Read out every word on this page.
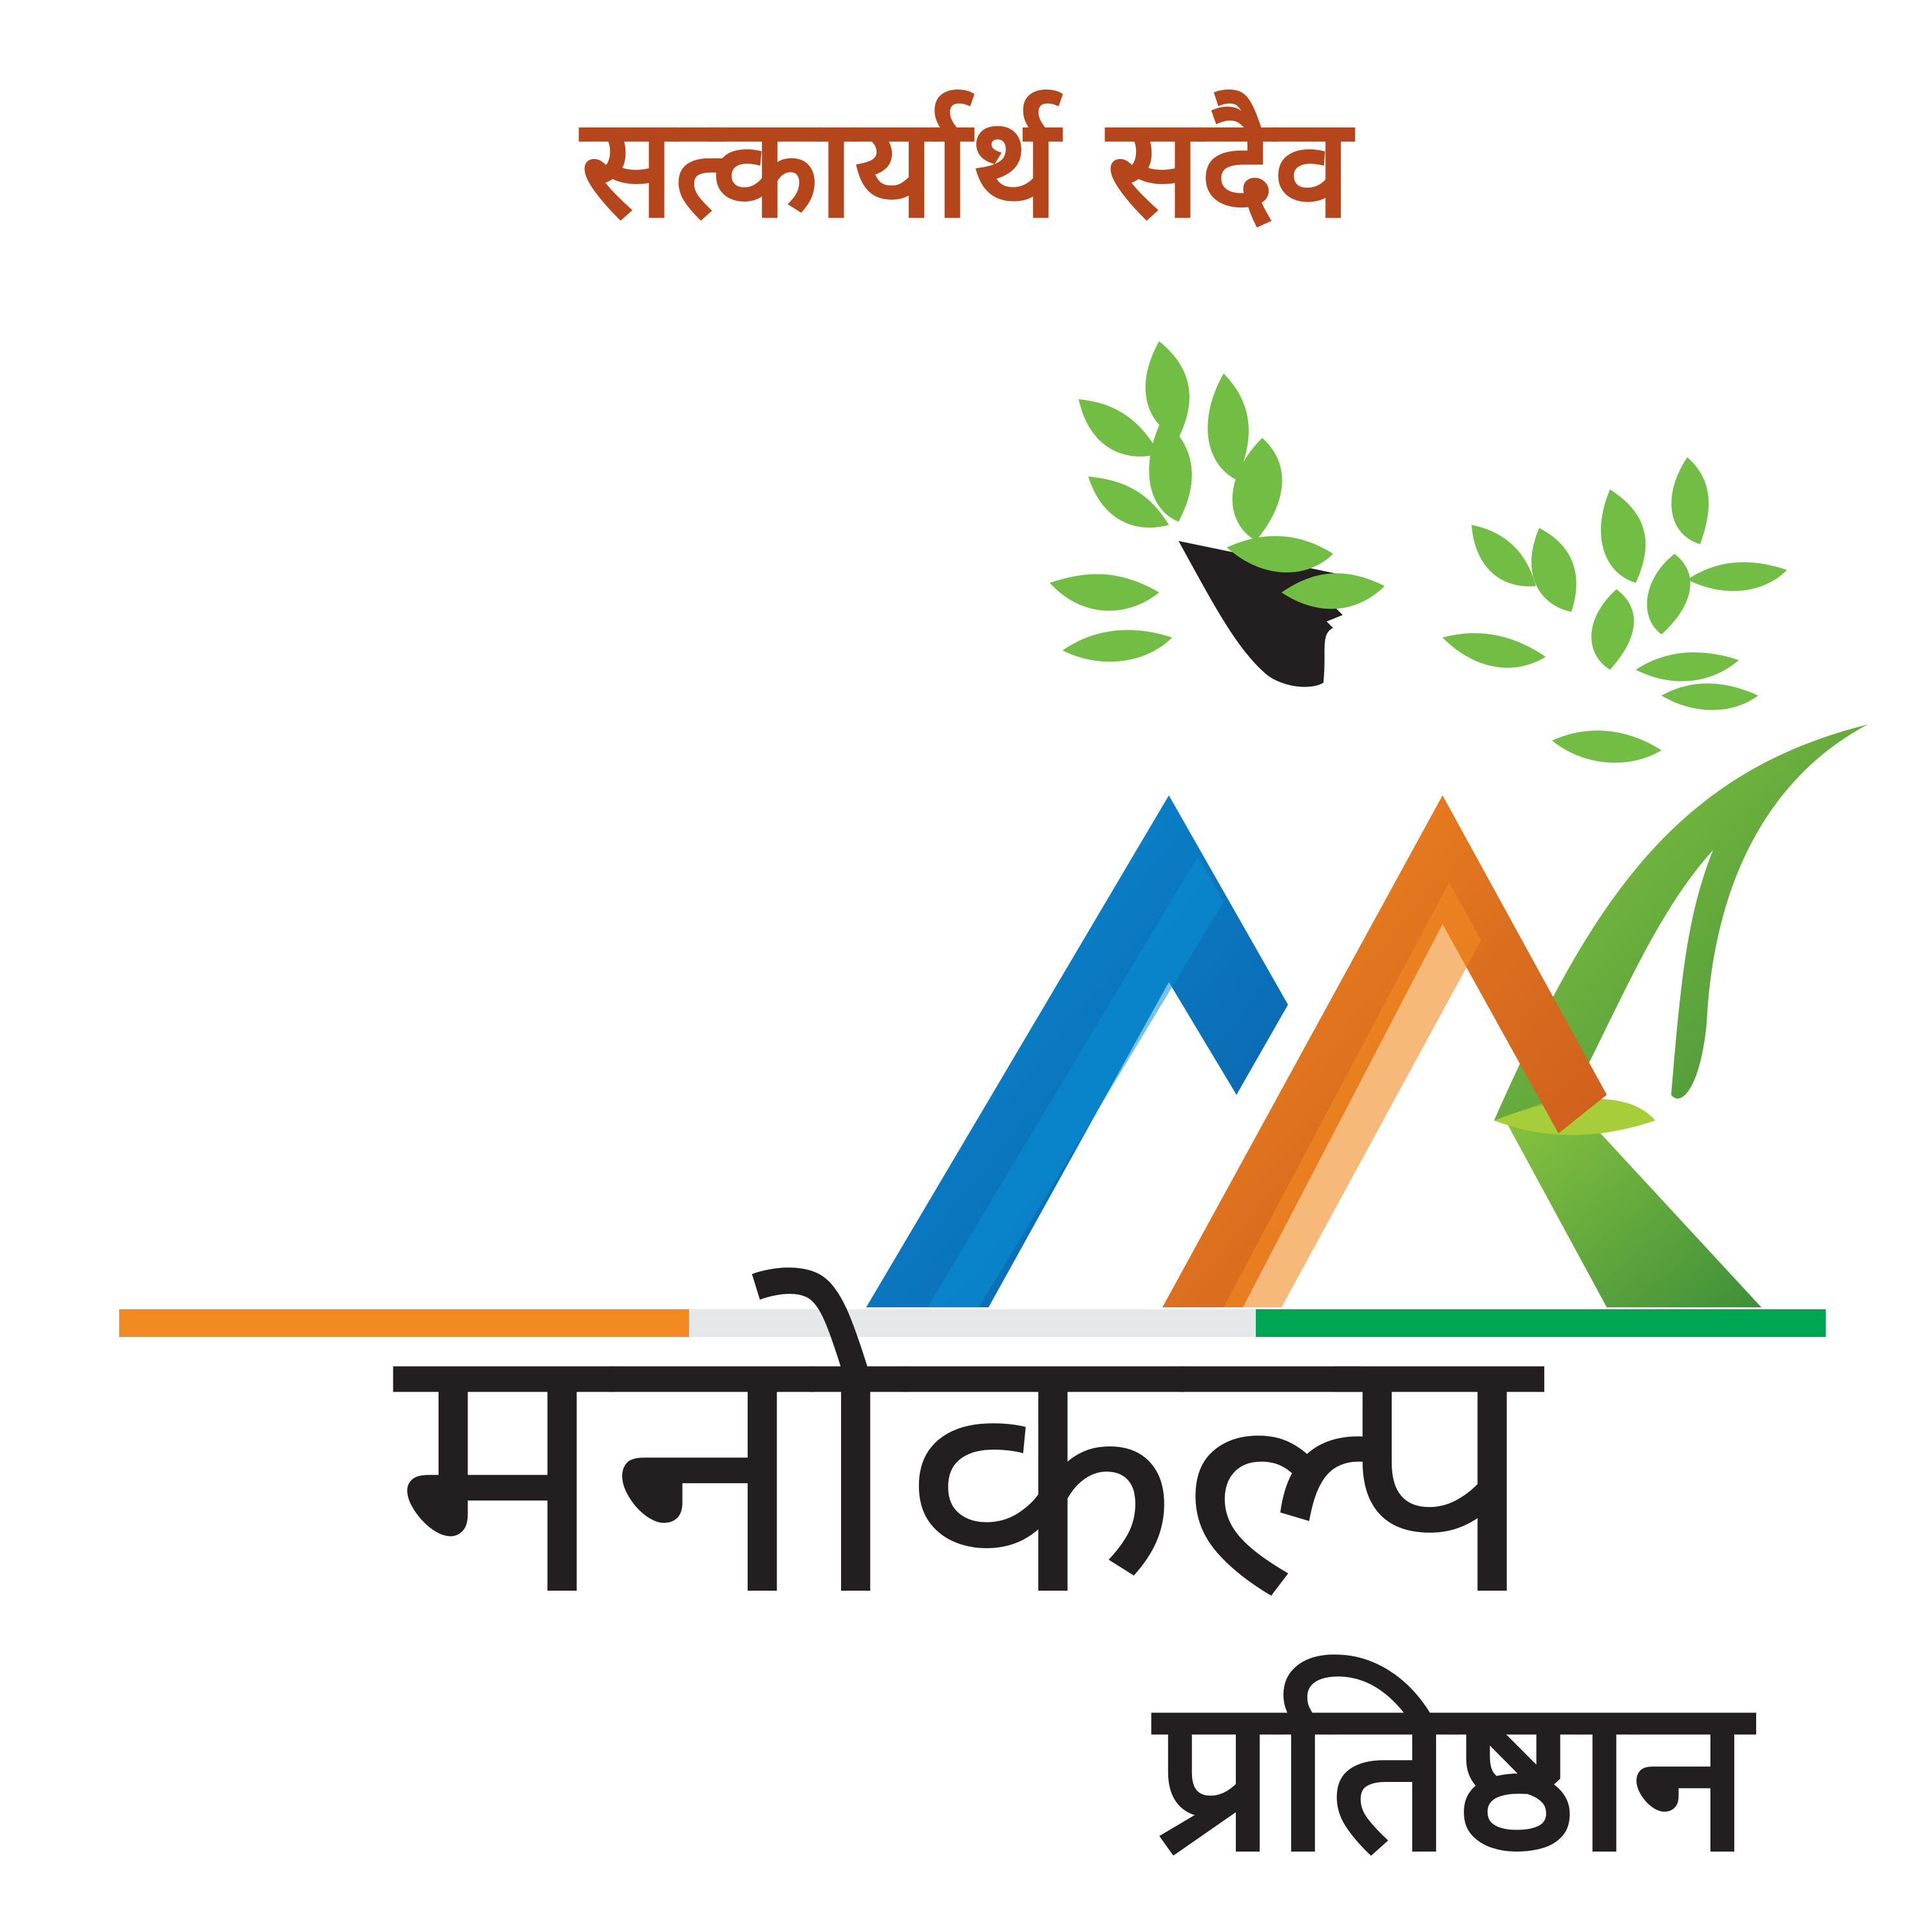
सत्कार्यार्थ सदैव
मनोकल्प
प्रतिष्ठान
